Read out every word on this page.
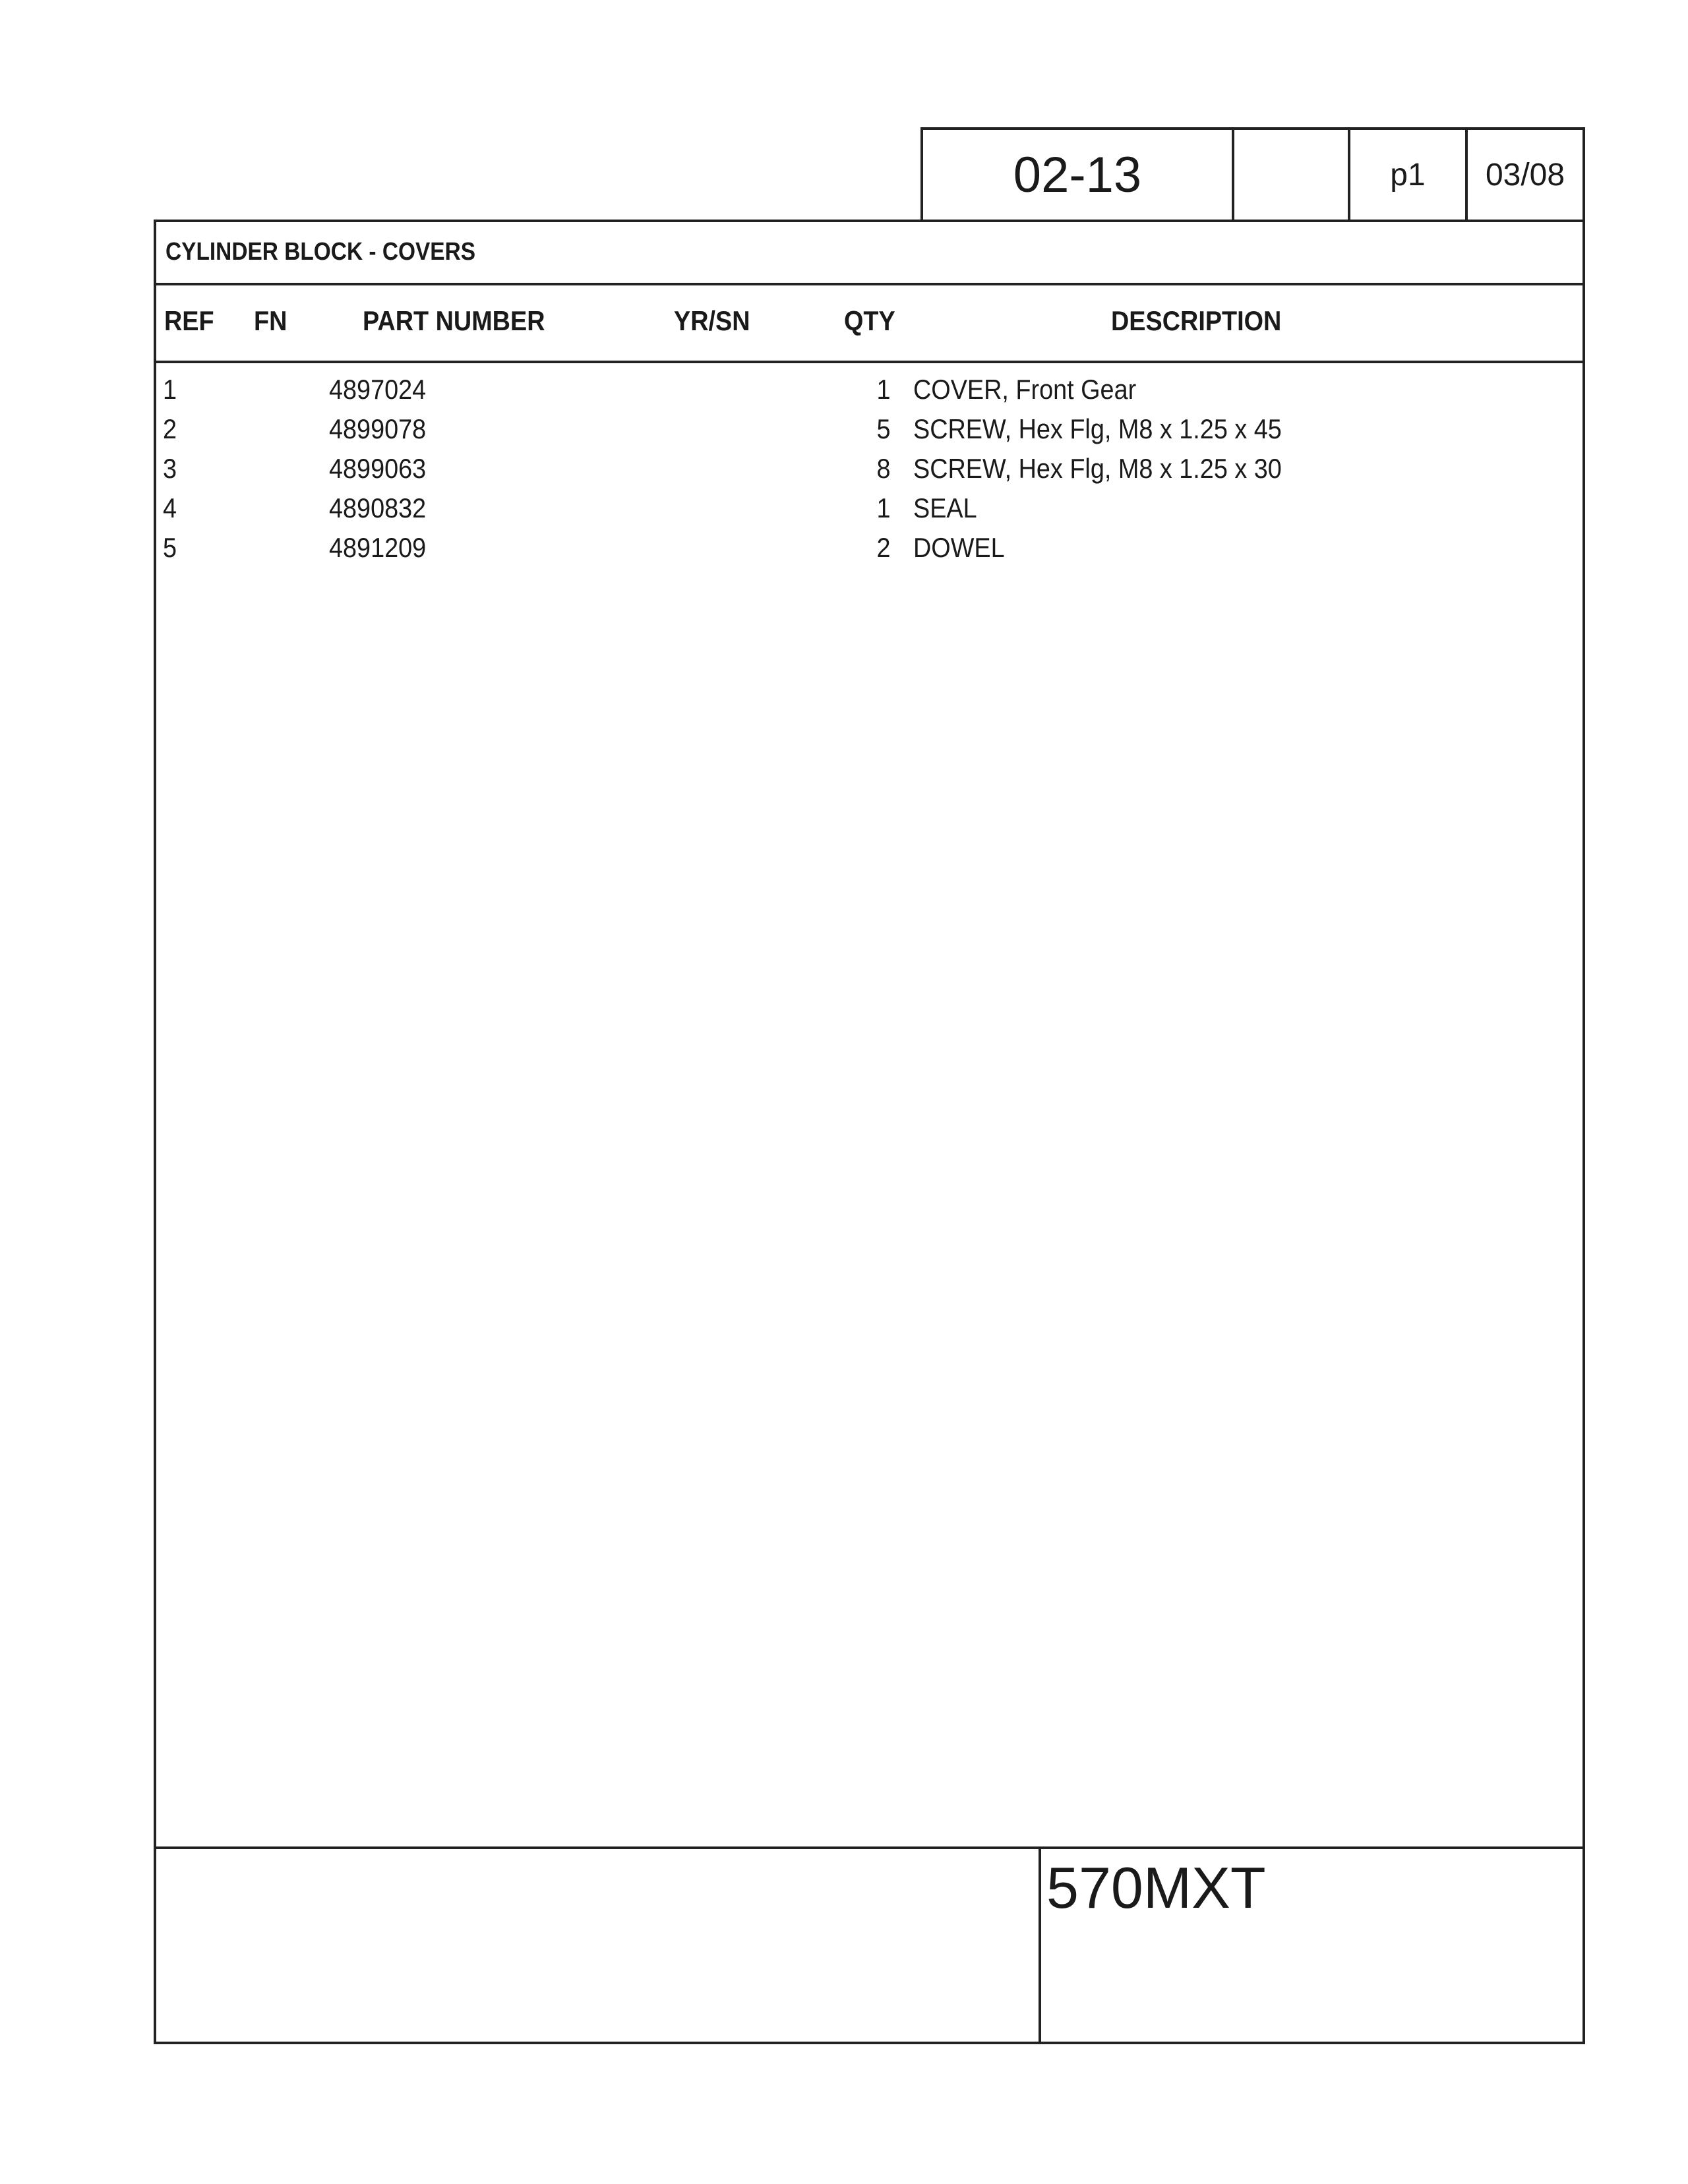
02-13	p1	03/08
CYLINDER BLOCK - COVERS
REF FN	PART NUMBER	YR/SN	QTY	DESCRIPTION
1	4897024	1 COVER, Front Gear
2	4899078	5 SCREW, Hex Flg, M8 x 1.25 x 45
3	4899063	8 SCREW, Hex Flg, M8 x 1.25 x 30
4	4890832	1 SEAL
5	4891209	2 DOWEL
570MXT
